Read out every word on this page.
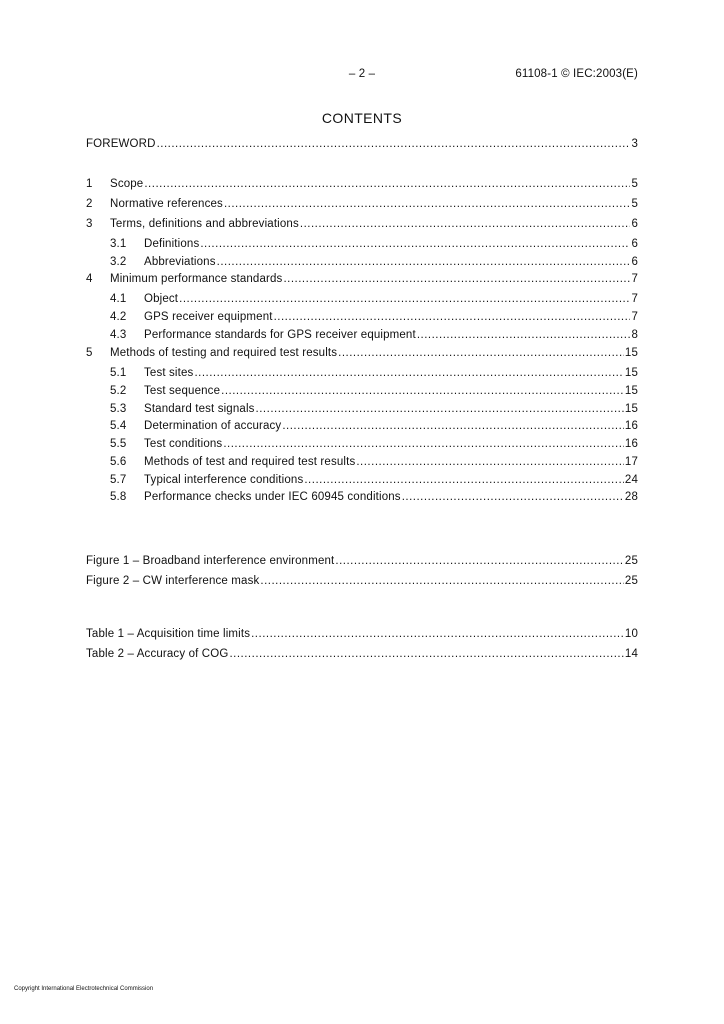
– 2 –	61108-1 © IEC:2003(E)
CONTENTS
FOREWORD .....	3
1	Scope .....	5
2	Normative references .....	5
3	Terms, definitions and abbreviations .....	6
3.1	Definitions .....	6
3.2	Abbreviations .....	6
4	Minimum performance standards .....	7
4.1	Object .....	7
4.2	GPS receiver equipment .....	7
4.3	Performance standards for GPS receiver equipment .....	8
5	Methods of testing and required test results .....	15
5.1	Test sites .....	15
5.2	Test sequence .....	15
5.3	Standard test signals .....	15
5.4	Determination of accuracy .....	16
5.5	Test conditions .....	16
5.6	Methods of test and required test results .....	17
5.7	Typical interference conditions .....	24
5.8	Performance checks under IEC 60945 conditions .....	28
Figure 1 – Broadband interference environment .....	25
Figure 2 – CW interference mask .....	25
Table 1 – Acquisition time limits .....	10
Table 2 – Accuracy of COG .....	14
Copyright International Electrotechnical Commission
